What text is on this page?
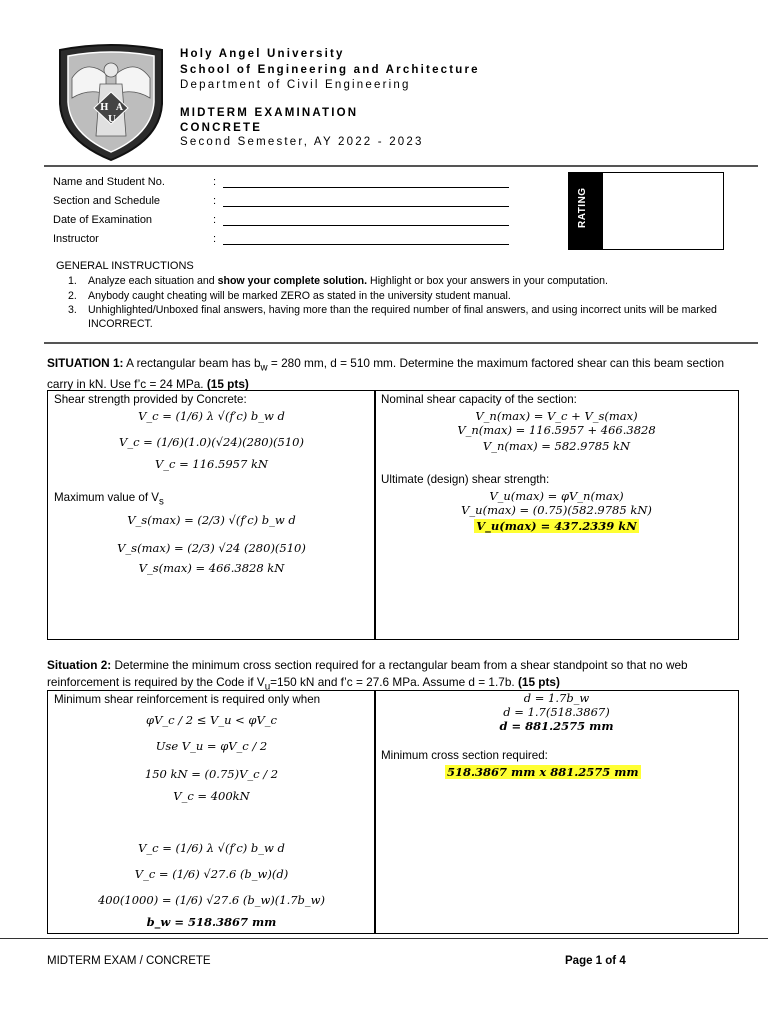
H A
U
Holy Angel University
School of Engineering and Architecture
Department of Civil Engineering
MIDTERM EXAMINATION
CONCRETE
Second Semester, AY 2022 - 2023
Name and Student No.	:
Section and Schedule	:
Date of Examination	:
Instructor	:
RATING
GENERAL INSTRUCTIONS
1.	Analyze each situation and show your complete solution. Highlight or box your answers in your computation.
2.	Anybody caught cheating will be marked ZERO as stated in the university student manual.
3.	Unhighlighted/Unboxed final answers, having more than the required number of final answers, and using incorrect units will be marked INCORRECT.
SITUATION 1: A rectangular beam has $b_w = 280$ mm, d = 510 mm. Determine the maximum factored shear can this beam section carry in kN. Use f’c = 24 MPa. (15 pts)
Shear strength provided by Concrete:
V_c = (1/6) λ √(f′c) b_w d
V_c = (1/6)(1.0)(√24)(280)(510)
V_c = 116.5957 kN
Maximum value of $V_s$
V_s(max) = (2/3) √(f′c) b_w d
V_s(max) = (2/3) √24 (280)(510)
V_s(max) = 466.3828 kN
Nominal shear capacity of the section:
V_n(max) = V_c + V_s(max)
V_n(max) = 116.5957 + 466.3828
V_n(max) = 582.9785 kN
Ultimate (design) shear strength:
V_u(max) = φV_n(max)
V_u(max) = (0.75)(582.9785 kN)
V_u(max) = 437.2339 kN
Situation 2: Determine the minimum cross section required for a rectangular beam from a shear standpoint so that no web reinforcement is required by the Code if $V_u=150$ kN and f’c = 27.6 MPa. Assume d = 1.7b. (15 pts)
Minimum shear reinforcement is required only when
φV_c / 2 ≤ V_u < φV_c
Use V_u = φV_c / 2
150 kN = (0.75)V_c / 2
V_c = 400kN
V_c = (1/6) λ √(f′c) b_w d
V_c = (1/6) √27.6 (b_w)(d)
400(1000) = (1/6) √27.6 (b_w)(1.7b_w)
b_w = 518.3867 mm
d = 1.7b_w
d = 1.7(518.3867)
d = 881.2575 mm
Minimum cross section required:
518.3867 mm x 881.2575 mm
MIDTERM EXAM / CONCRETE	Page 1 of 4
